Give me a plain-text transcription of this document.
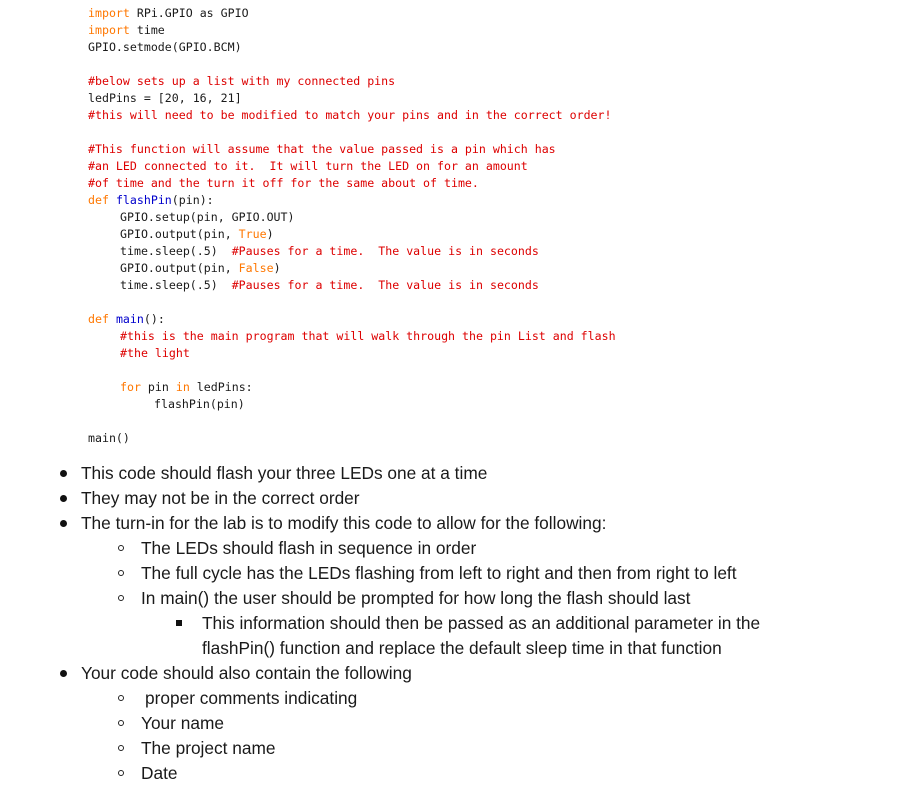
import RPi.GPIO as GPIO
import time
GPIO.setmode(GPIO.BCM)
#below sets up a list with my connected pins
ledPins = [20, 16, 21]
#this will need to be modified to match your pins and in the correct order!
#This function will assume that the value passed is a pin which has
#an LED connected to it.  It will turn the LED on for an amount
#of time and the turn it off for the same about of time.
def flashPin(pin):
GPIO.setup(pin, GPIO.OUT)
GPIO.output(pin, True)
time.sleep(.5) #Pauses for a time.  The value is in seconds
GPIO.output(pin, False)
time.sleep(.5) #Pauses for a time.  The value is in seconds
def main():
#this is the main program that will walk through the pin List and flash
#the light
for pin in ledPins:
flashPin(pin)
main()
This code should flash your three LEDs one at a time
They may not be in the correct order
The turn-in for the lab is to modify this code to allow for the following:
The LEDs should flash in sequence in order
The full cycle has the LEDs flashing from left to right and then from right to left
In main() the user should be prompted for how long the flash should last
This information should then be passed as an additional parameter in the
flashPin() function and replace the default sleep time in that function
Your code should also contain the following
proper comments indicating
Your name
The project name
Date
